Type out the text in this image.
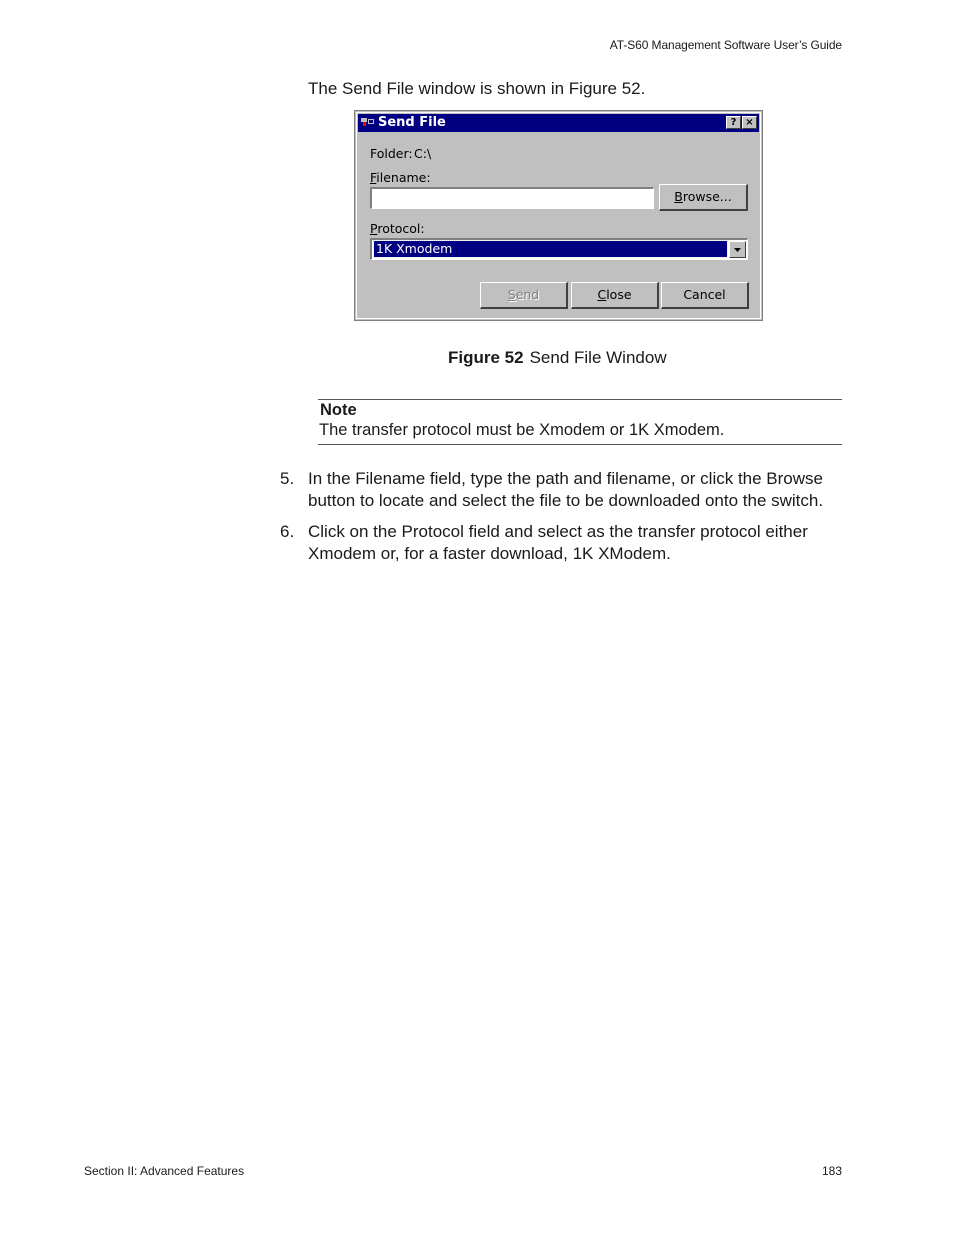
AT-S60 Management Software User’s Guide
The Send File window is shown in Figure 52.
Send File	? ×
Folder: C:\
Filename:
Browse...
Protocol:
1K Xmodem
Send	Close	Cancel
Figure 52 Send File Window
Note
The transfer protocol must be Xmodem or 1K Xmodem.
5. In the Filename field, type the path and filename, or click the Browse button to locate and select the file to be downloaded onto the switch.
6. Click on the Protocol field and select as the transfer protocol either Xmodem or, for a faster download, 1K XModem.
Section II: Advanced Features	183
